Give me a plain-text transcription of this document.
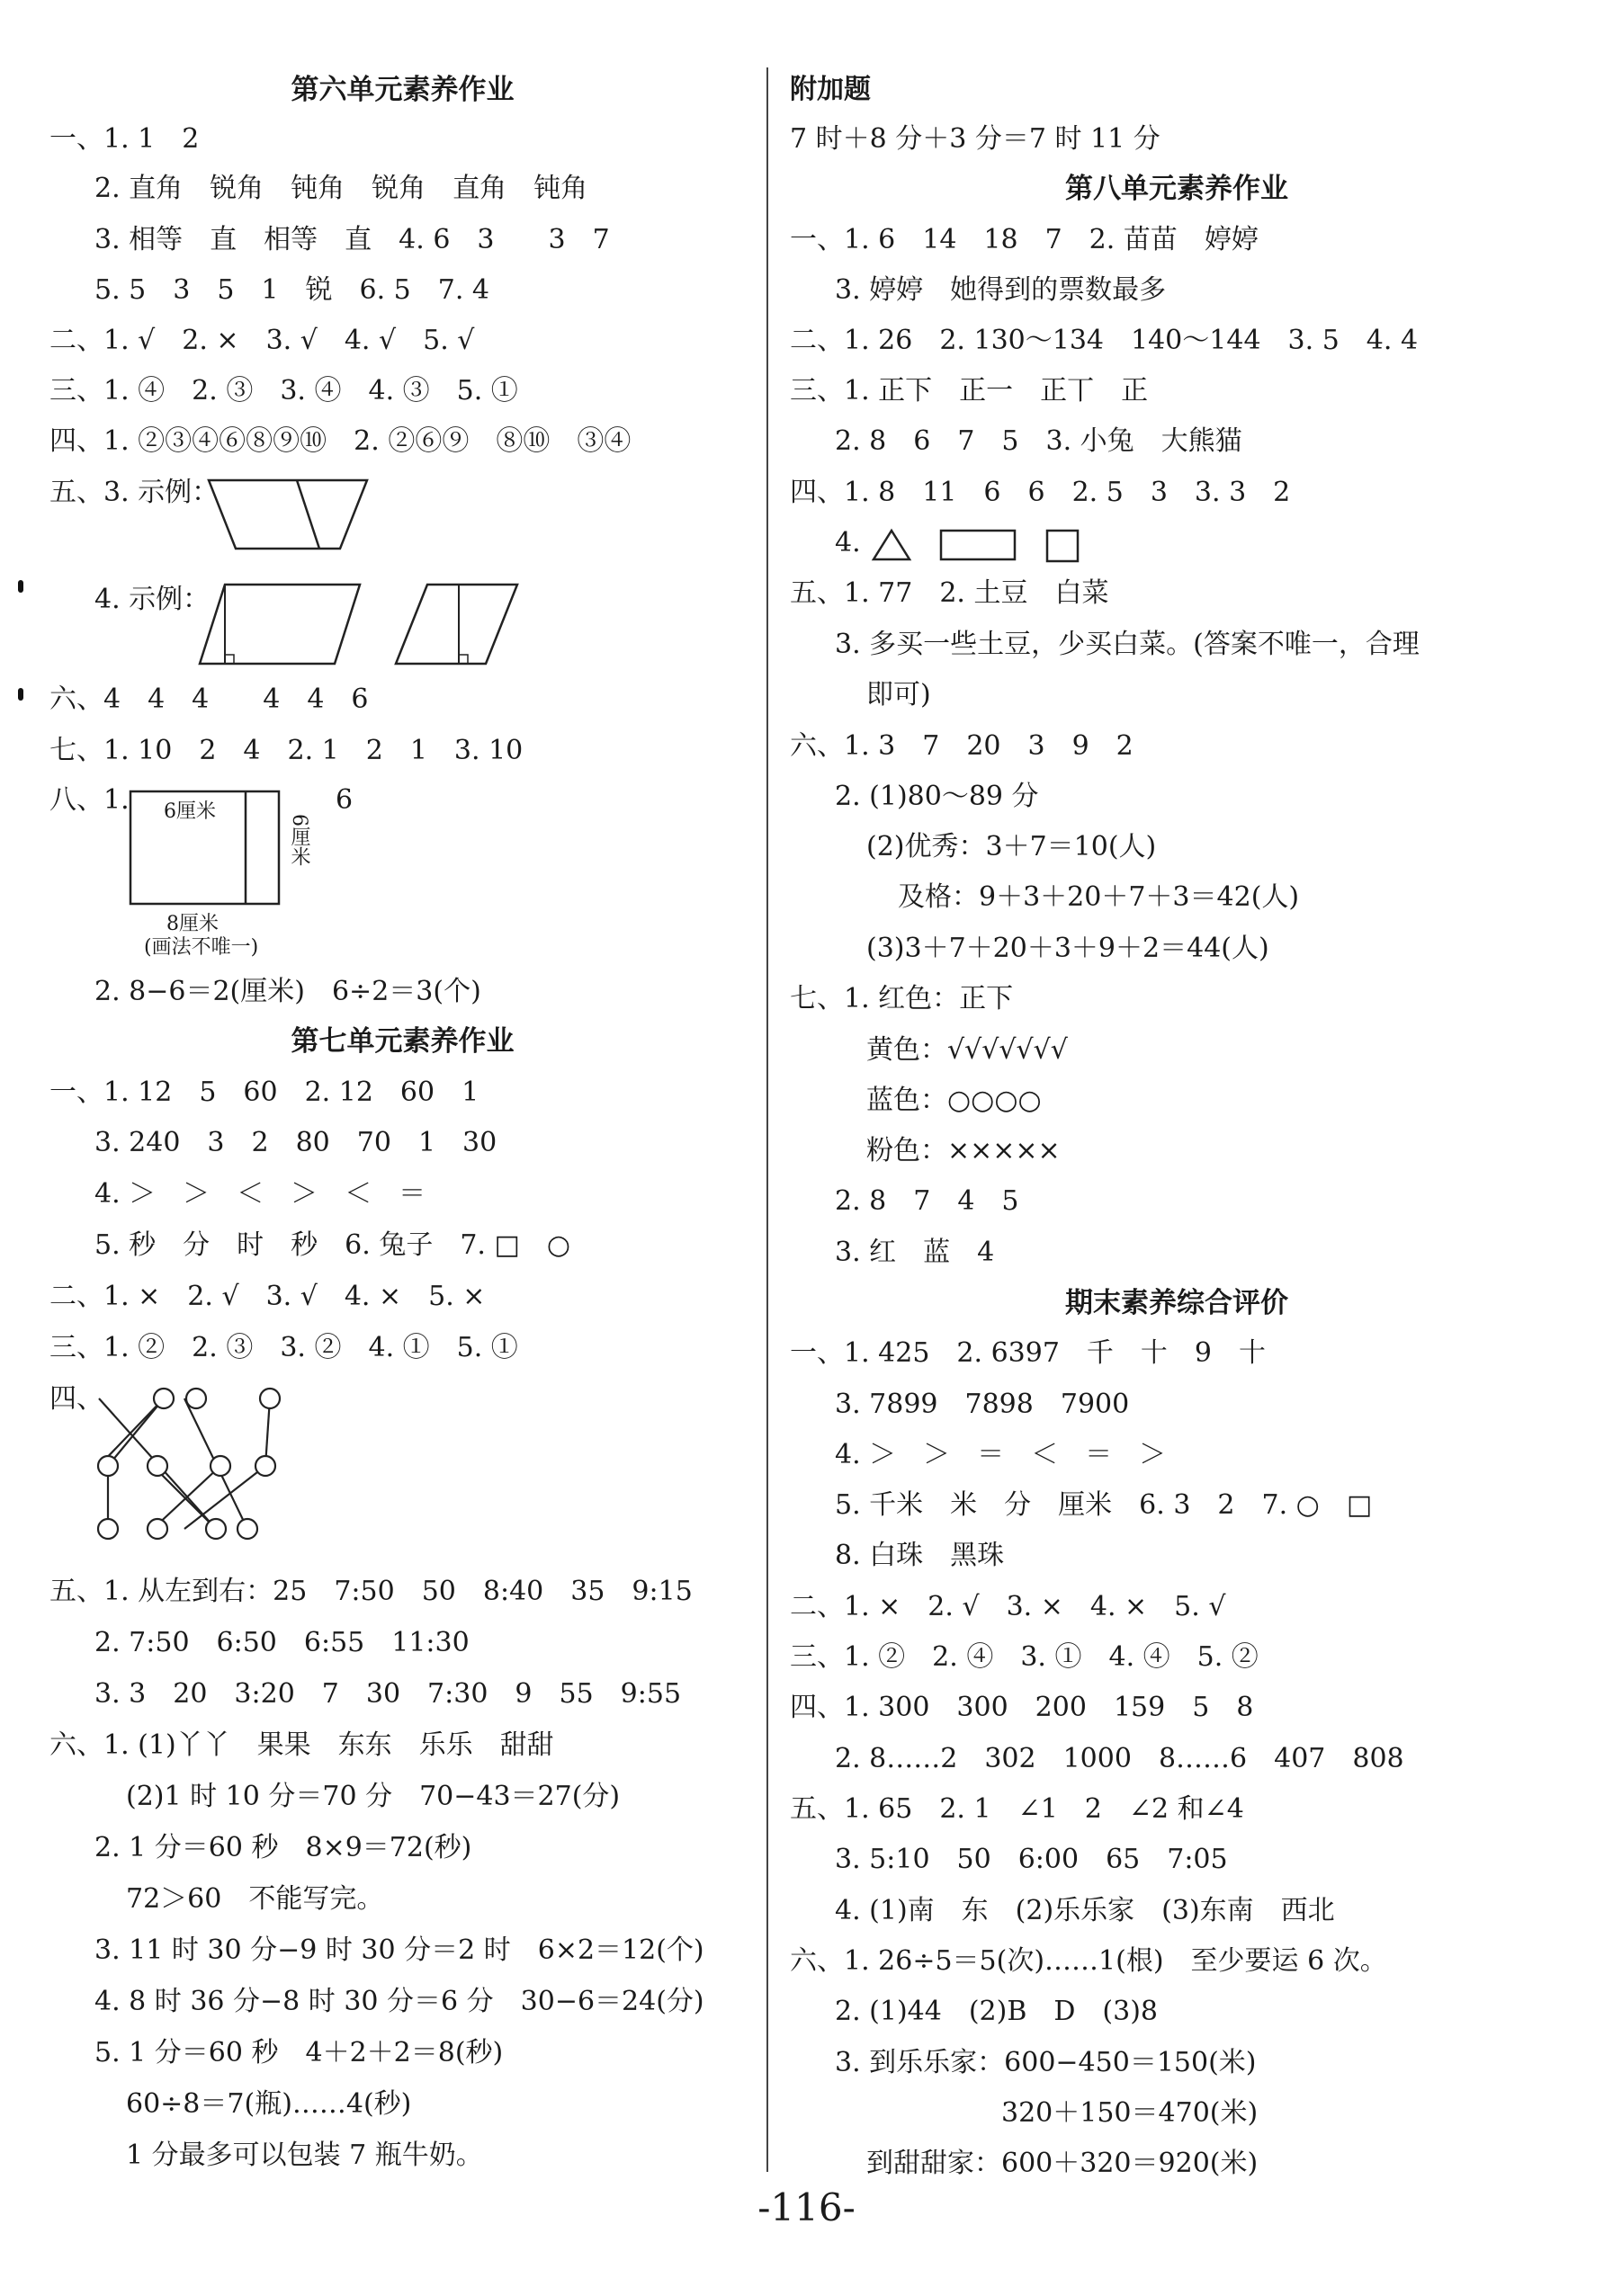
第六单元素养作业
一、1. 1　2
2. 直角　锐角　钝角　锐角　直角　钝角
3. 相等　直　相等　直　4. 6　3　　3　7
5. 5　3　5　1　锐　6. 5　7. 4
二、1. √　2. ×　3. √　4. √　5. √
三、1. ④　2. ③　3. ④　4. ③　5. ①
四、1. ②③④⑥⑧⑨⑩　2. ②⑥⑨　⑧⑩　③④
五、3. 示例：
4. 示例：
六、4　4　4　　4　4　6
七、1. 10　2　4　2. 1　2　1　3. 10
八、1. 6厘米
6厘米
8厘米
(画法不唯一)
6
2. 8−6＝2(厘米)　6÷2＝3(个)
第七单元素养作业
一、1. 12　5　60　2. 12　60　1
3. 240　3　2　80　70　1　30
4. ＞　＞　＜　＞　＜　＝
5. 秒　分　时　秒　6. 兔子　7. □　○
二、1. ×　2. √　3. √　4. ×　5. ×
三、1. ②　2. ③　3. ②　4. ①　5. ①
四、
五、1. 从左到右：25　7:50　50　8:40　35　9:15
2. 7:50　6:50　6:55　11:30
3. 3　20　3:20　7　30　7:30　9　55　9:55
六、1. (1)丫丫　果果　东东　乐乐　甜甜
(2)1 时 10 分＝70 分　70−43＝27(分)
2. 1 分＝60 秒　8×9＝72(秒)
72＞60　不能写完。
3. 11 时 30 分−9 时 30 分＝2 时　6×2＝12(个)
4. 8 时 36 分−8 时 30 分＝6 分　30−6＝24(分)
5. 1 分＝60 秒　4＋2＋2＝8(秒)
60÷8＝7(瓶)……4(秒)
1 分最多可以包装 7 瓶牛奶。
附加题
7 时＋8 分＋3 分＝7 时 11 分
第八单元素养作业
一、1. 6　14　18　7　2. 苗苗　婷婷
3. 婷婷　她得到的票数最多
二、1. 26　2. 130～134　140～144　3. 5　4. 4
三、1. 正下　正一　正丅　正
2. 8　6　7　5　3. 小兔　大熊猫
四、1. 8　11　6　6　2. 5　3　3. 3　2
4.
五、1. 77　2. 土豆　白菜
3. 多买一些土豆，少买白菜。(答案不唯一，合理
即可)
六、1. 3　7　20　3　9　2
2. (1)80～89 分
(2)优秀：3＋7＝10(人)
及格：9＋3＋20＋7＋3＝42(人)
(3)3＋7＋20＋3＋9＋2＝44(人)
七、1. 红色：正下
黄色：√√√√√√√
蓝色：○○○○
粉色：×××××
2. 8　7　4　5
3. 红　蓝　4
期末素养综合评价
一、1. 425　2. 6397　千　十　9　十
3. 7899　7898　7900
4. ＞　＞　＝　＜　＝　＞
5. 千米　米　分　厘米　6. 3　2　7. ○　□
8. 白珠　黑珠
二、1. ×　2. √　3. ×　4. ×　5. √
三、1. ②　2. ④　3. ①　4. ④　5. ②
四、1. 300　300　200　159　5　8
2. 8……2　302　1000　8……6　407　808
五、1. 65　2. 1　∠1　2　∠2 和∠4
3. 5:10　50　6:00　65　7:05
4. (1)南　东　(2)乐乐家　(3)东南　西北
六、1. 26÷5＝5(次)……1(根)　至少要运 6 次。
2. (1)44　(2)B　D　(3)8
3. 到乐乐家：600−450＝150(米)
320＋150＝470(米)
到甜甜家：600＋320＝920(米)
-116-
